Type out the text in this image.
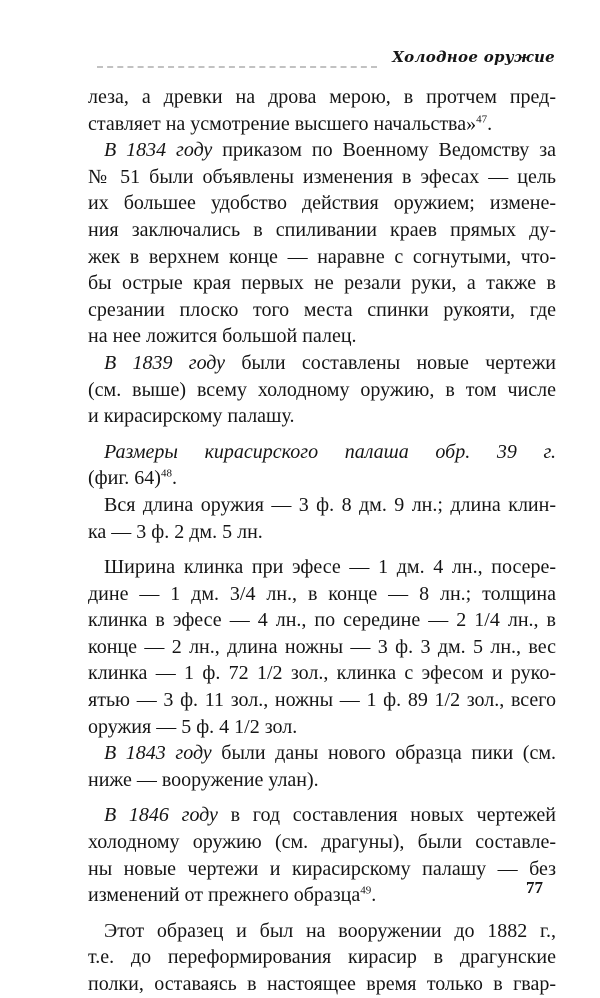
Холодное оружие
леза, а древки на дрова мерою, в протчем пред-
ставляет на усмотрение высшего начальства»$^{47}$.
В 1834 году приказом по Военному Ведомству за
№ 51 были объявлены изменения в эфесах — цель
их большее удобство действия оружием; измене-
ния заключались в спиливании краев прямых ду-
жек в верхнем конце — наравне с согнутыми, что-
бы острые края первых не резали руки, а также в
срезании плоско того места спинки рукояти, где
на нее ложится большой палец.
В 1839 году были составлены новые чертежи
(см. выше) всему холодному оружию, в том числе
и кирасирскому палашу.
Размеры кирасирского палаша обр. 39 г.
(фиг. 64)$^{48}$.
Вся длина оружия — 3 ф. 8 дм. 9 лн.; длина клин-
ка — 3 ф. 2 дм. 5 лн.
Ширина клинка при эфесе — 1 дм. 4 лн., посере-
дине — 1 дм. 3/4 лн., в конце — 8 лн.; толщина
клинка в эфесе — 4 лн., по середине — 2 1/4 лн., в
конце — 2 лн., длина ножны — 3 ф. 3 дм. 5 лн., вес
клинка — 1 ф. 72 1/2 зол., клинка с эфесом и руко-
ятью — 3 ф. 11 зол., ножны — 1 ф. 89 1/2 зол., всего
оружия — 5 ф. 4 1/2 зол.
В 1843 году были даны нового образца пики (см.
ниже — вооружение улан).
В 1846 году в год составления новых чертежей
холодному оружию (см. драгуны), были составле-
ны новые чертежи и кирасирскому палашу — без
изменений от прежнего образца$^{49}$.
Этот образец и был на вооружении до 1882 г.,
т.е. до переформирования кирасир в драгунские
полки, оставаясь в настоящее время только в гвар-
77
